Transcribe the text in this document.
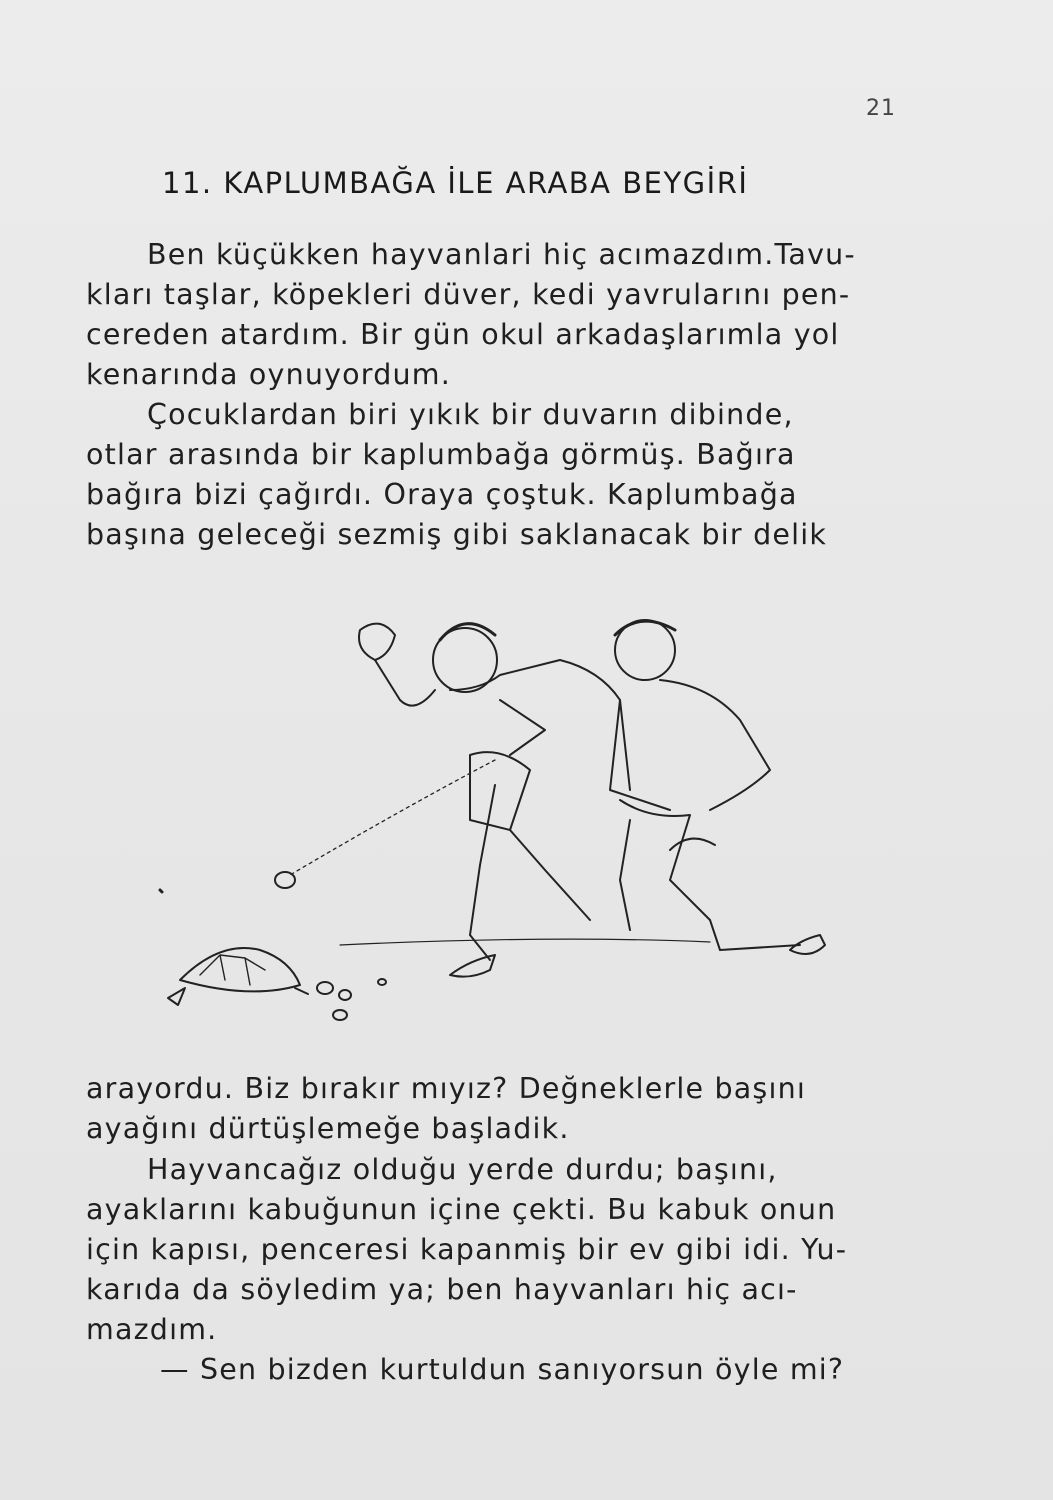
21
11. KAPLUMBAĞA İLE ARABA BEYGİRİ
Ben küçükken hayvanlari hiç acımazdım.Tavu-
kları taşlar, köpekleri düver, kedi yavrularını pen-
cereden atardım. Bir gün okul arkadaşlarımla yol
kenarında oynuyordum.
Çocuklardan biri yıkık bir duvarın dibinde,
otlar arasında bir kaplumbağa görmüş. Bağıra
bağıra bizi çağırdı. Oraya çoştuk. Kaplumbağa
başına geleceği sezmiş gibi saklanacak bir delik
arayordu. Biz bırakır mıyız? Değneklerle başını
ayağını dürtüşlemeğe başladik.
Hayvancağız olduğu yerde durdu; başını,
ayaklarını kabuğunun içine çekti. Bu kabuk onun
için kapısı, penceresi kapanmiş bir ev gibi idi. Yu-
karıda da söyledim ya; ben hayvanları hiç acı-
mazdım.
— Sen bizden kurtuldun sanıyorsun öyle mi?
